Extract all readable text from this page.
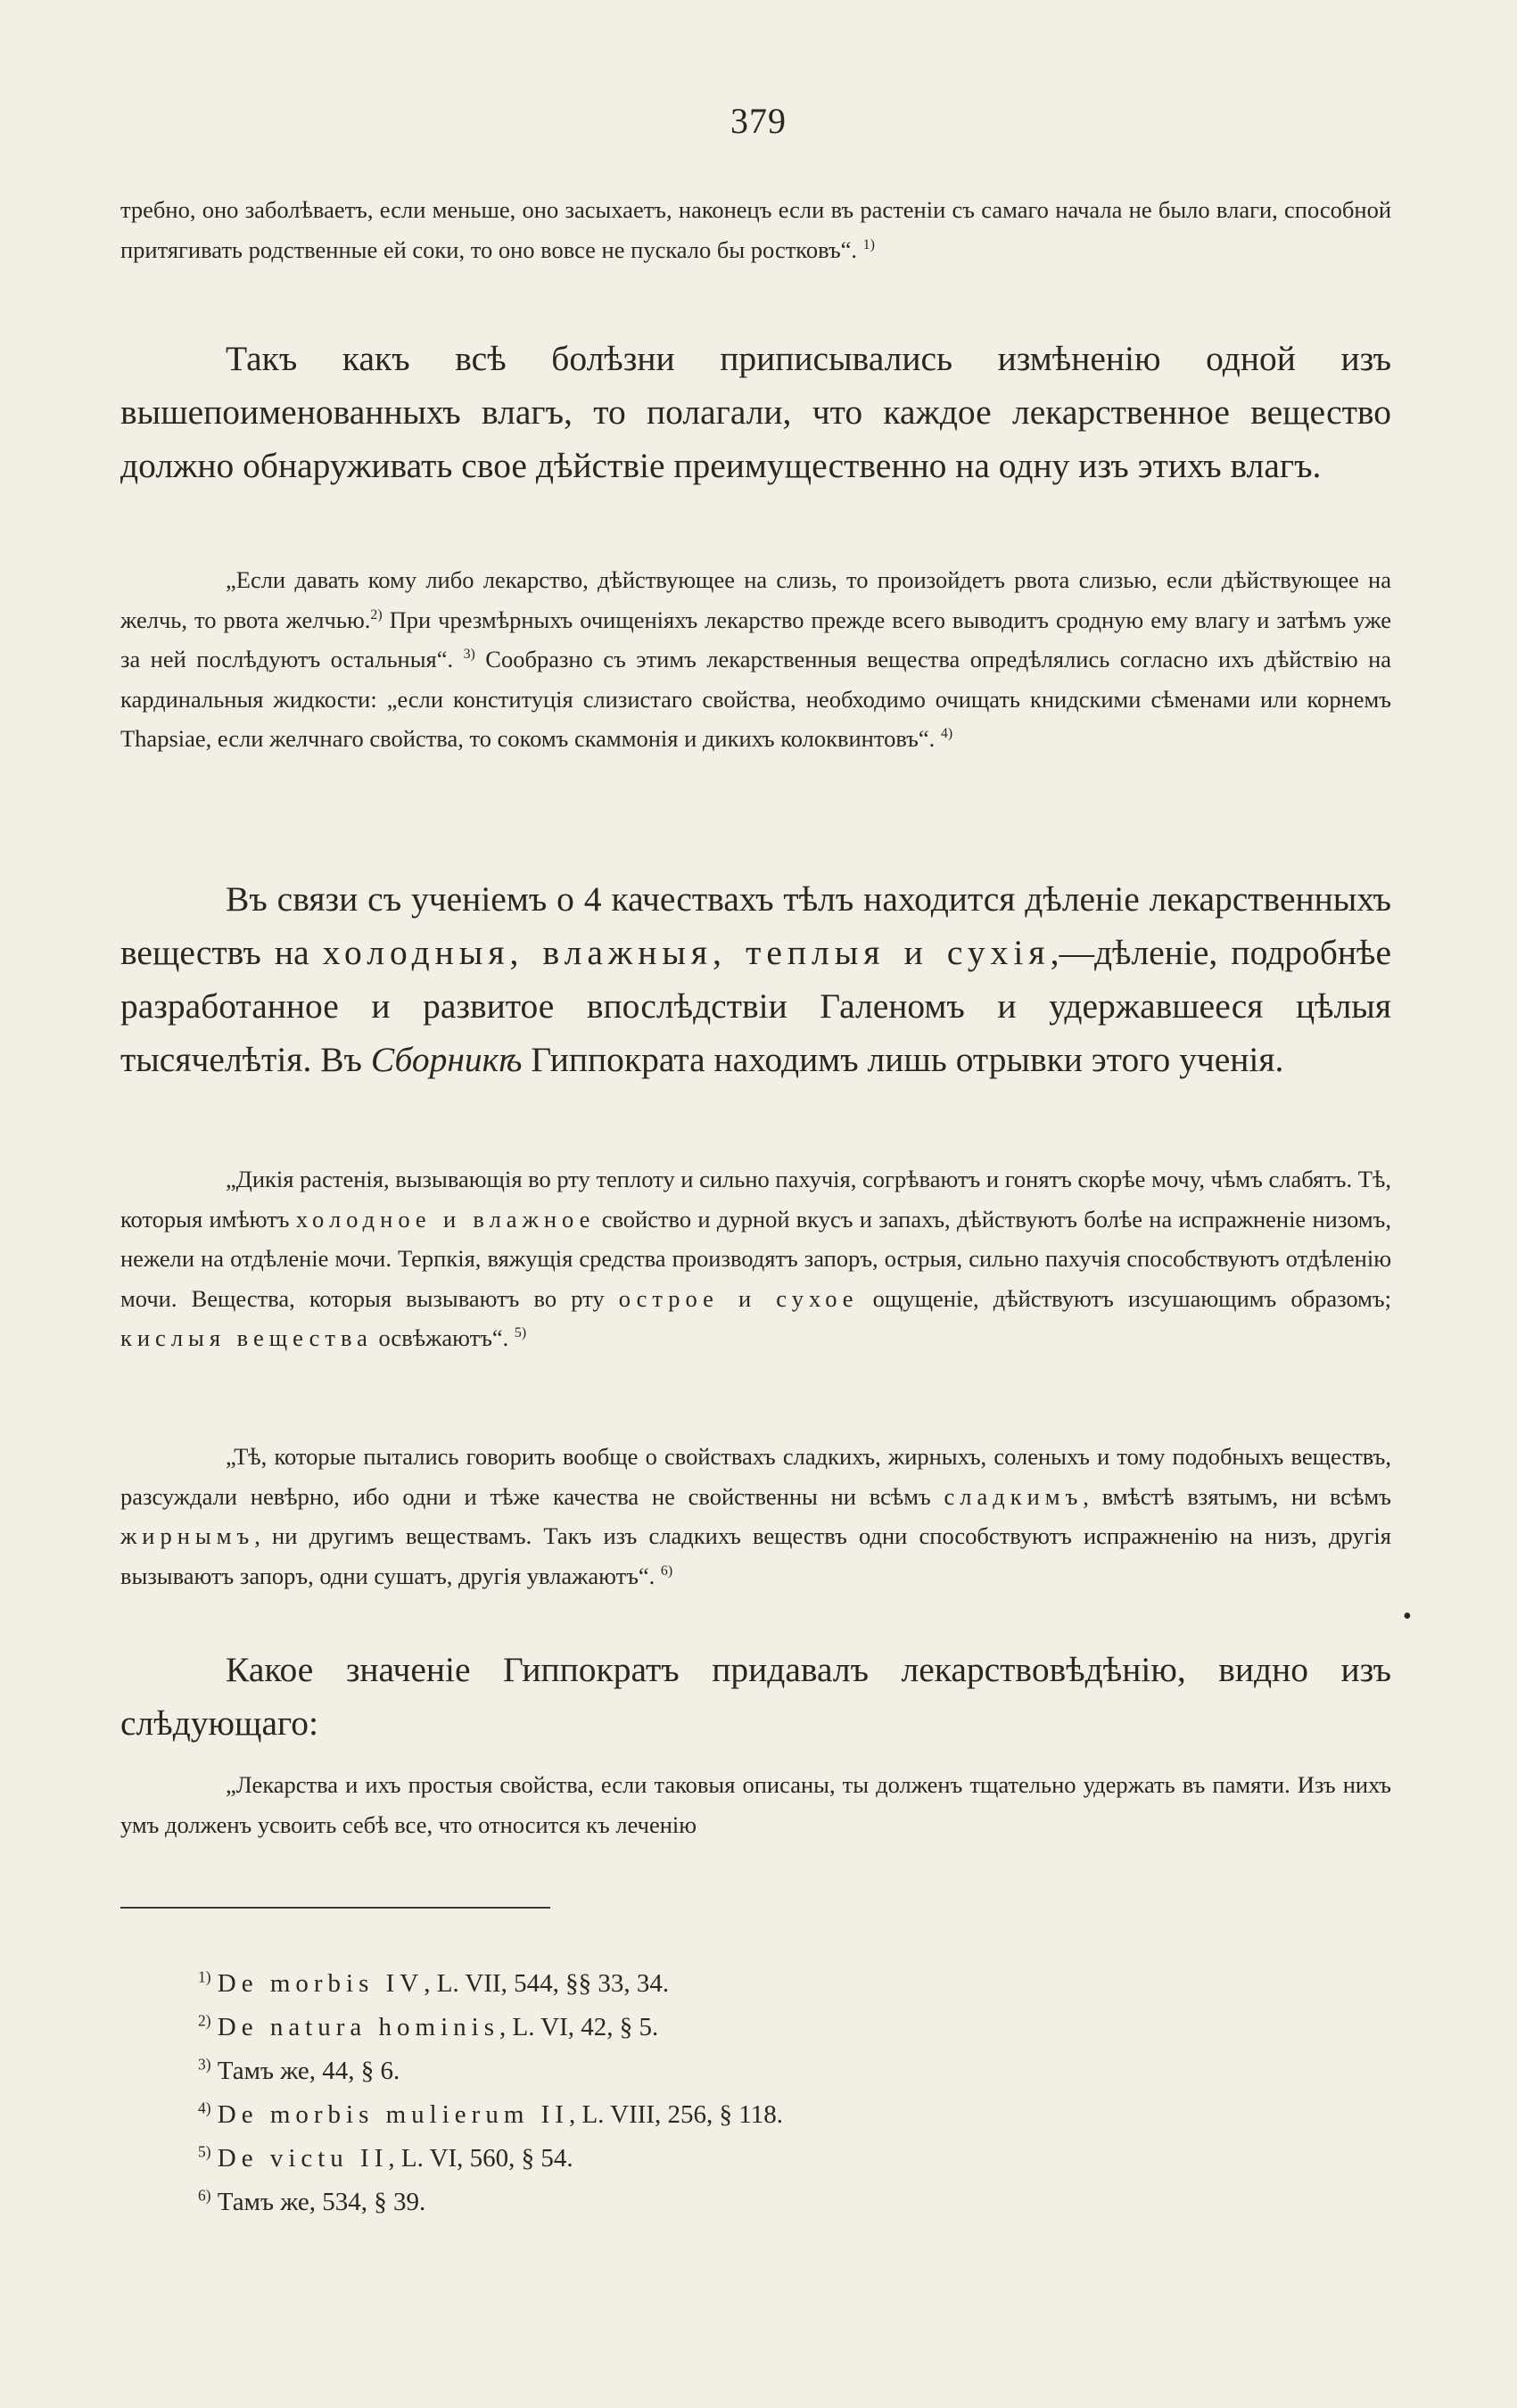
379
требно, оно заболѣваетъ, если меньше, оно засыхаетъ, наконецъ если въ растеніи съ самаго начала не было влаги, способной притягивать родственные ей соки, то оно вовсе не пускало бы ростковъ“. $^{1)}$
Такъ какъ всѣ болѣзни приписывались измѣненію одной изъ вышепоименованныхъ влагъ, то полагали, что каждое лекарственное вещество должно обнаруживать свое дѣйствіе преимущественно на одну изъ этихъ влагъ.
„Если давать кому либо лекарство, дѣйствующее на слизь, то произойдетъ рвота слизью, если дѣйствующее на желчь, то рвота желчью.$^{2)}$ При чрезмѣрныхъ очищеніяхъ лекарство прежде всего выводитъ сродную ему влагу и затѣмъ уже за ней послѣдуютъ остальныя“. $^{3)}$ Сообразно съ этимъ лекарственныя вещества опредѣлялись согласно ихъ дѣйствію на кардинальныя жидкости: „если конституція слизистаго свойства, необходимо очищать книдскими сѣменами или корнемъ Thapsiae, если желчнаго свойства, то сокомъ скаммонія и дикихъ колоквинтовъ“. $^{4)}$
Въ связи съ ученіемъ о 4 качествахъ тѣлъ находится дѣленіе лекарственныхъ веществъ на холодныя, влажныя, теплыя и сухія,—дѣленіе, подробнѣе разработанное и развитое впослѣдствіи Галеномъ и удержавшееся цѣлыя тысячелѣтія. Въ Сборникѣ Гиппократа находимъ лишь отрывки этого ученія.
„Дикія растенія, вызывающія во рту теплоту и сильно пахучія, согрѣваютъ и гонятъ скорѣе мочу, чѣмъ слабятъ. Тѣ, которыя имѣютъ холодное и влажное свойство и дурной вкусъ и запахъ, дѣйствуютъ болѣе на испражненіе низомъ, нежели на отдѣленіе мочи. Терпкія, вяжущія средства производятъ запоръ, острыя, сильно пахучія способствуютъ отдѣленію мочи. Вещества, которыя вызываютъ во рту острое и сухое ощущеніе, дѣйствуютъ изсушающимъ образомъ; кислыя вещества освѣжаютъ“. $^{5)}$
„Тѣ, которые пытались говорить вообще о свойствахъ сладкихъ, жирныхъ, соленыхъ и тому подобныхъ веществъ, разсуждали невѣрно, ибо одни и тѣже качества не свойственны ни всѣмъ сладкимъ, вмѣстѣ взятымъ, ни всѣмъ жирнымъ, ни другимъ веществамъ. Такъ изъ сладкихъ веществъ одни способствуютъ испражненію на низъ, другія вызываютъ запоръ, одни сушатъ, другія увлажаютъ“. $^{6)}$
•
Какое значеніе Гиппократъ придавалъ лекарствовѣдѣнію, видно изъ слѣдующаго:
„Лекарства и ихъ простыя свойства, если таковыя описаны, ты долженъ тщательно удержать въ памяти. Изъ нихъ умъ долженъ усвоить себѣ все, что относится къ леченію
$^{1)}$ De morbis IV, L. VII, 544, §§ 33, 34.
$^{2)}$ De natura hominis, L. VI, 42, § 5.
$^{3)}$ Тамъ же, 44, § 6.
$^{4)}$ De morbis mulierum II, L. VIII, 256, § 118.
$^{5)}$ De victu II, L. VI, 560, § 54.
$^{6)}$ Тамъ же, 534, § 39.
